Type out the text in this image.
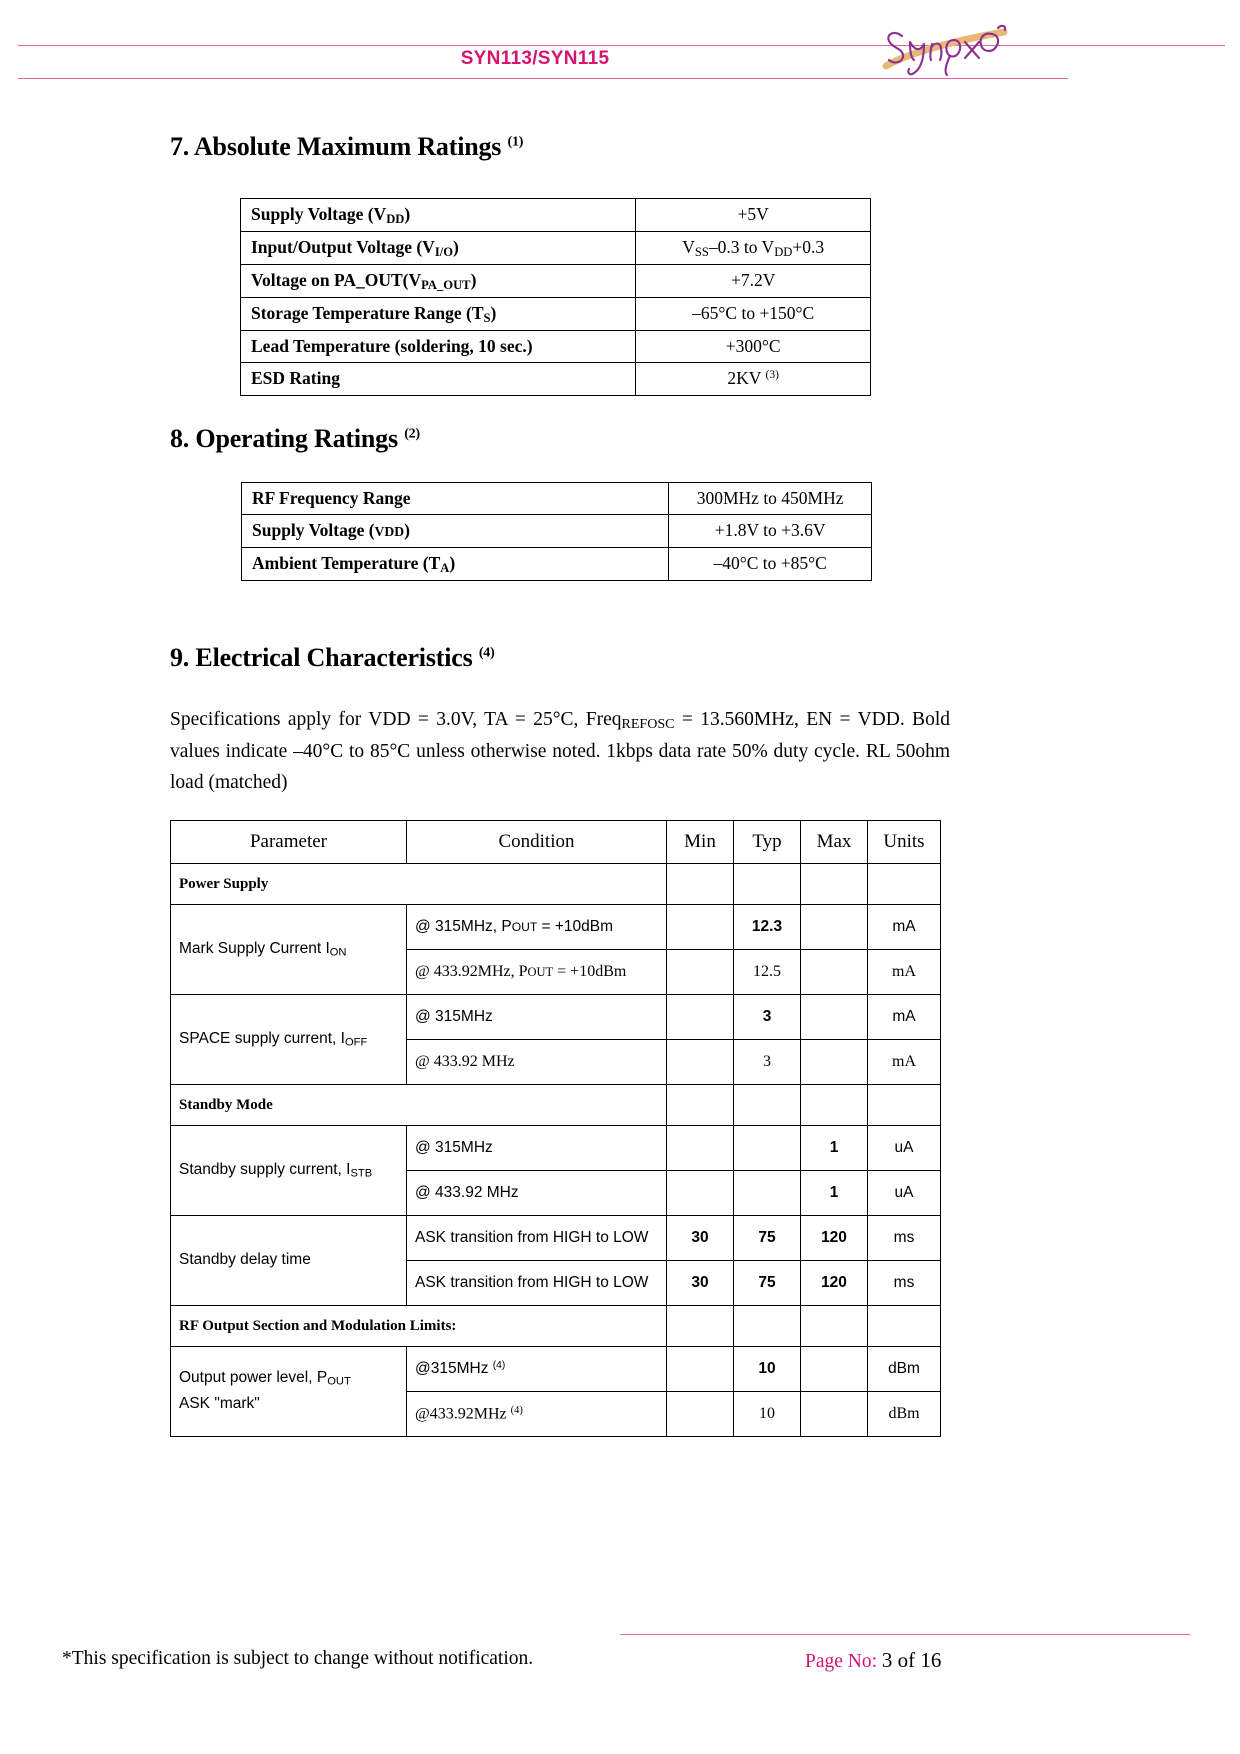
SYN113/SYN115
7. Absolute Maximum Ratings $^{(1)}$
Supply Voltage $(V_{DD})$	+5V
Input/Output Voltage $(V_{I/O})$	$V_{SS}-0.3$ to $V_{DD}+0.3$
Voltage on $PA\_OUT(V_{PA\_OUT})$	+7.2V
Storage Temperature Range $(T_S)$	–65°C to +150°C
Lead Temperature (soldering, 10 sec.)	+300°C
ESD Rating	2KV $^{(3)}$
8. Operating Ratings $^{(2)}$
RF Frequency Range	300MHz to 450MHz
Supply Voltage (VDD)	+1.8V to +3.6V
Ambient Temperature $(T_A)$	–40°C to +85°C
9. Electrical Characteristics $^{(4)}$
Specifications apply for VDD = 3.0V, TA = 25°C, Freq$_{REFOSC}$ = 13.560MHz, EN = VDD. Bold values indicate –40°C to 85°C unless otherwise noted. 1kbps data rate 50% duty cycle. RL 50ohm load (matched)
Parameter	Condition	Min	Typ	Max	Units
Power Supply					
Mark Supply Current $I_{ON}$	@ 315MHz, POUT = +10dBm		12.3		mA
	@ 433.92MHz, POUT = +10dBm		12.5		mA
SPACE supply current, $I_{OFF}$	@ 315MHz		3		mA
	@ 433.92 MHz		3		mA
Standby Mode					
Standby supply current, $I_{STB}$	@ 315MHz			1	uA
	@ 433.92 MHz			1	uA
Standby delay time	ASK transition from HIGH to LOW	30	75	120	ms
	ASK transition from HIGH to LOW	30	75	120	ms
RF Output Section and Modulation Limits:					
Output power level, $P_{OUT}$
ASK "mark"	@315MHz $^{(4)}$		10		dBm
	@433.92MHz $^{(4)}$		10		dBm
*This specification is subject to change without notification.	Page No: 3 of 16
